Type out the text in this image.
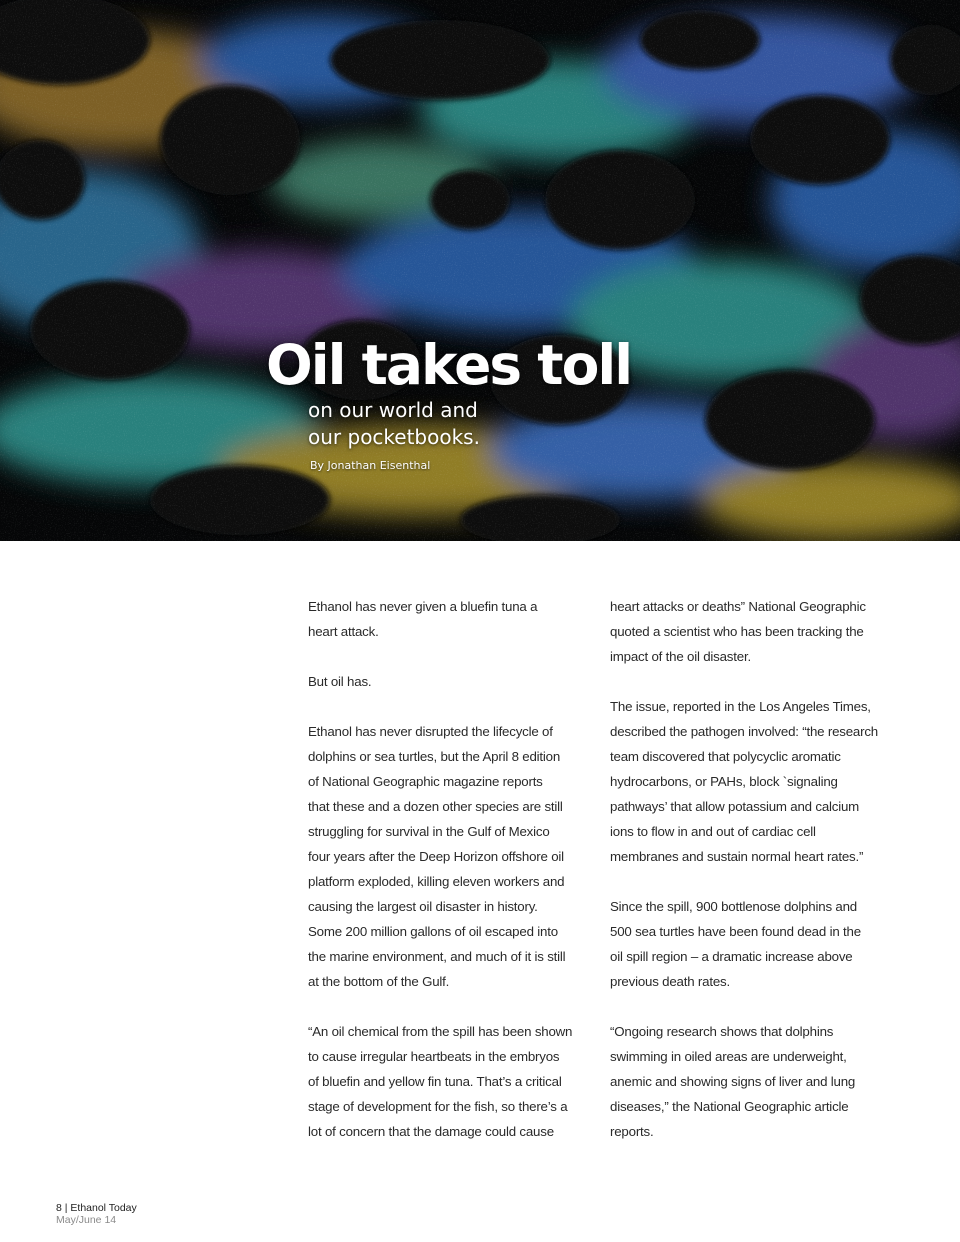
Oil takes toll
on our world and
our pocketbooks.
By Jonathan Eisenthal

Ethanol has never given a bluefin tuna a
heart attack.

But oil has.

Ethanol has never disrupted the lifecycle of
dolphins or sea turtles, but the April 8 edition
of National Geographic magazine reports
that these and a dozen other species are still
struggling for survival in the Gulf of Mexico
four years after the Deep Horizon offshore oil
platform exploded, killing eleven workers and
causing the largest oil disaster in history.
Some 200 million gallons of oil escaped into
the marine environment, and much of it is still
at the bottom of the Gulf.

“An oil chemical from the spill has been shown
to cause irregular heartbeats in the embryos
of bluefin and yellow fin tuna. That’s a critical
stage of development for the fish, so there’s a
lot of concern that the damage could cause

heart attacks or deaths” National Geographic
quoted a scientist who has been tracking the
impact of the oil disaster.

The issue, reported in the Los Angeles Times,
described the pathogen involved: “the research
team discovered that polycyclic aromatic
hydrocarbons, or PAHs, block `signaling
pathways’ that allow potassium and calcium
ions to flow in and out of cardiac cell
membranes and sustain normal heart rates.”

Since the spill, 900 bottlenose dolphins and
500 sea turtles have been found dead in the
oil spill region – a dramatic increase above
previous death rates.

“Ongoing research shows that dolphins
swimming in oiled areas are underweight,
anemic and showing signs of liver and lung
diseases,” the National Geographic article
reports.

8 | Ethanol Today
May/June 14
